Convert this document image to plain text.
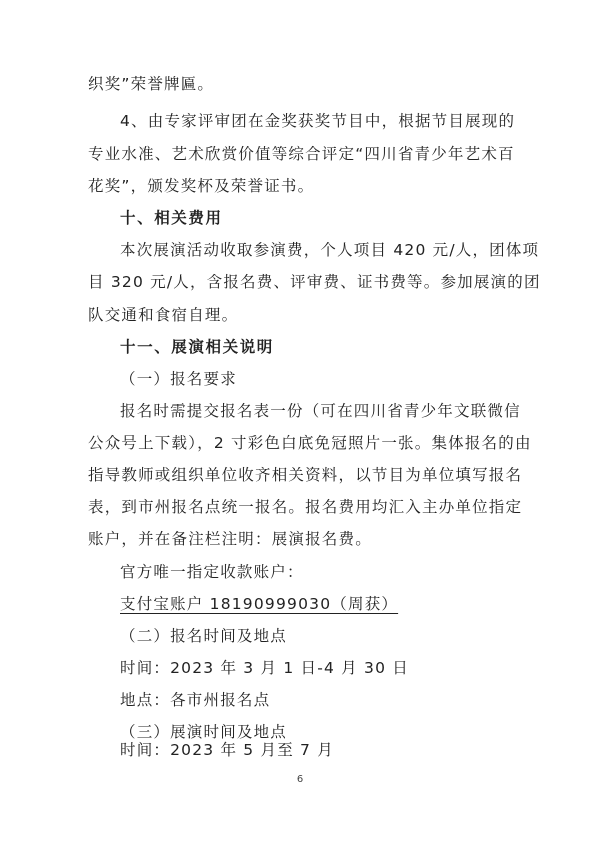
织奖”荣誉牌匾。
4、由专家评审团在金奖获奖节目中，根据节目展现的
专业水准、艺术欣赏价值等综合评定“四川省青少年艺术百
花奖”，颁发奖杯及荣誉证书。
十、相关费用
本次展演活动收取参演费，个人项目 420 元/人，团体项
目 320 元/人，含报名费、评审费、证书费等。参加展演的团
队交通和食宿自理。
十一、展演相关说明
（一）报名要求
报名时需提交报名表一份（可在四川省青少年文联微信
公众号上下载），2 寸彩色白底免冠照片一张。集体报名的由
指导教师或组织单位收齐相关资料，以节目为单位填写报名
表，到市州报名点统一报名。报名费用均汇入主办单位指定
账户，并在备注栏注明：展演报名费。
官方唯一指定收款账户：
支付宝账户 18190999030（周获）
（二）报名时间及地点
时间：2023 年 3 月 1 日-4 月 30 日
地点：各市州报名点
（三）展演时间及地点
时间：2023 年 5 月至 7 月
6
